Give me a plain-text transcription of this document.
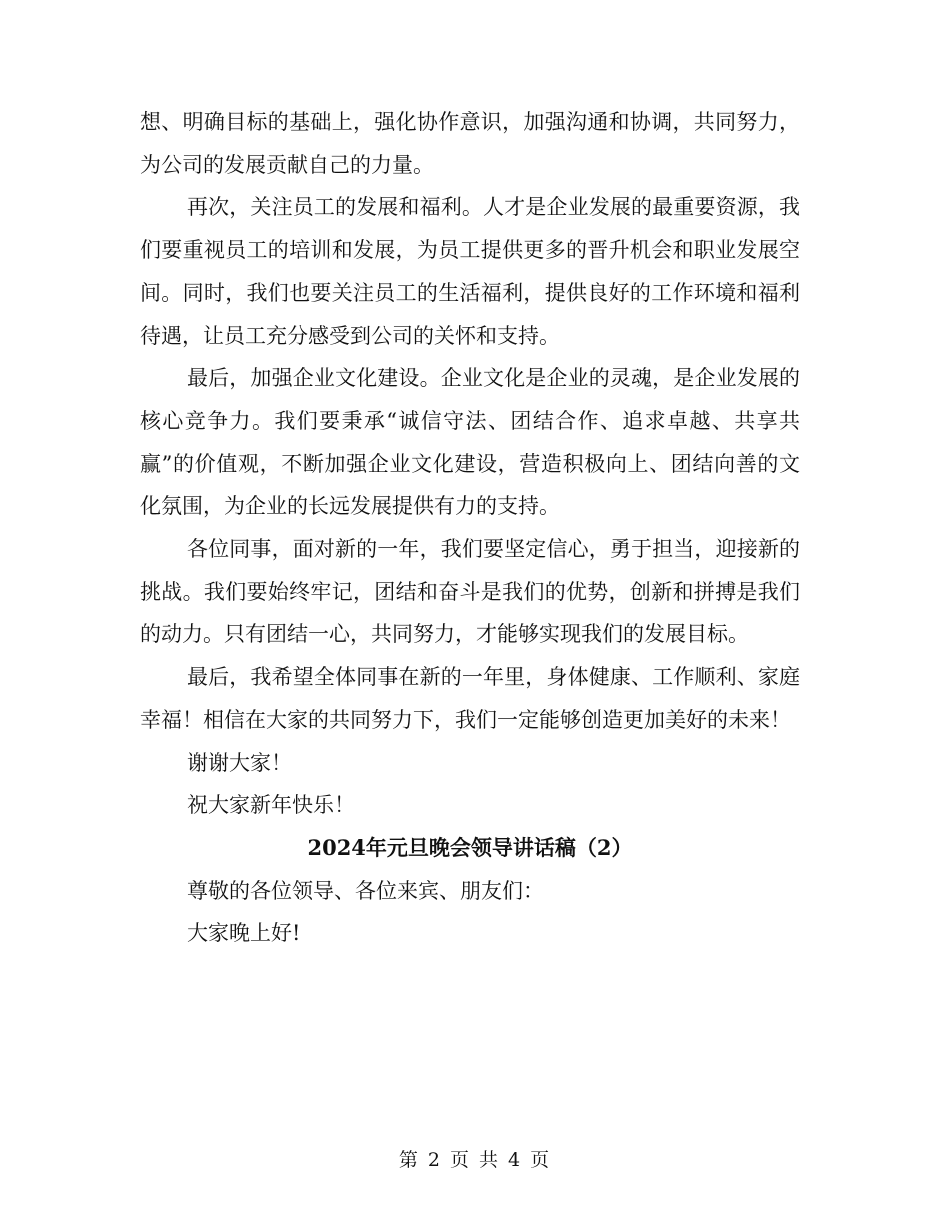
想、明确目标的基础上，强化协作意识，加强沟通和协调，共同努力，为公司的发展贡献自己的力量。

再次，关注员工的发展和福利。人才是企业发展的最重要资源，我们要重视员工的培训和发展，为员工提供更多的晋升机会和职业发展空间。同时，我们也要关注员工的生活福利，提供良好的工作环境和福利待遇，让员工充分感受到公司的关怀和支持。

最后，加强企业文化建设。企业文化是企业的灵魂，是企业发展的核心竞争力。我们要秉承“诚信守法、团结合作、追求卓越、共享共赢”的价值观，不断加强企业文化建设，营造积极向上、团结向善的文化氛围，为企业的长远发展提供有力的支持。

各位同事，面对新的一年，我们要坚定信心，勇于担当，迎接新的挑战。我们要始终牢记，团结和奋斗是我们的优势，创新和拼搏是我们的动力。只有团结一心，共同努力，才能够实现我们的发展目标。

最后，我希望全体同事在新的一年里，身体健康、工作顺利、家庭幸福！相信在大家的共同努力下，我们一定能够创造更加美好的未来！

谢谢大家！

祝大家新年快乐！

2024年元旦晚会领导讲话稿（2）

尊敬的各位领导、各位来宾、朋友们：

大家晚上好!

第 2 页 共 4 页
